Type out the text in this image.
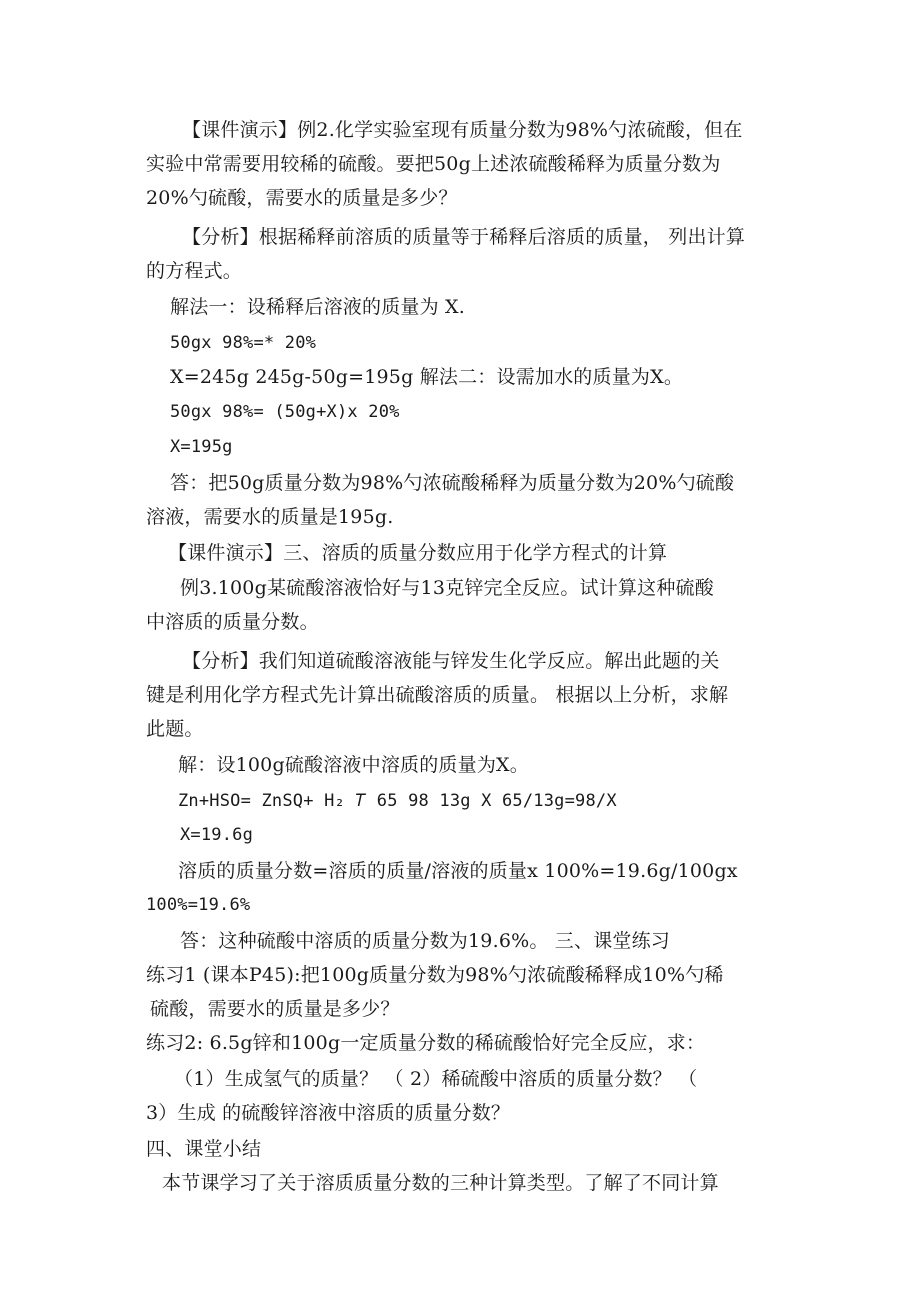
【课件演示】例2.化学实验室现有质量分数为98%勺浓硫酸，但在
实验中常需要用较稀的硫酸。要把50g上述浓硫酸稀释为质量分数为
20%勺硫酸，需要水的质量是多少？
【分析】根据稀释前溶质的质量等于稀释后溶质的质量， 列出计算
的方程式。
解法一：设稀释后溶液的质量为 X.
50gx 98%=* 20%
X=245g 245g-50g=195g 解法二：设需加水的质量为X。
50gx 98%= (50g+X)x 20%
X=195g
答：把50g质量分数为98%勺浓硫酸稀释为质量分数为20%勺硫酸
溶液，需要水的质量是195g.
【课件演示】三、溶质的质量分数应用于化学方程式的计算
例3.100g某硫酸溶液恰好与13克锌完全反应。试计算这种硫酸
中溶质的质量分数。
【分析】我们知道硫酸溶液能与锌发生化学反应。解出此题的关
键是利用化学方程式先计算出硫酸溶质的质量。 根据以上分析，求解
此题。
解：设100g硫酸溶液中溶质的质量为X。
Zn+HSO= ZnSQ+ H₂ 𝑇 65 98 13g X 65/13g=98/X
X=19.6g
溶质的质量分数=溶质的质量/溶液的质量x 100%=19.6g/100gx
100%=19.6%
答：这种硫酸中溶质的质量分数为19.6%。 三、课堂练习
练习1 (课本P45):把100g质量分数为98%勺浓硫酸稀释成10%勺稀
硫酸，需要水的质量是多少？
练习2: 6.5g锌和100g一定质量分数的稀硫酸恰好完全反应，求：
（1）生成氢气的质量？ （ 2）稀硫酸中溶质的质量分数？ （
3）生成 的硫酸锌溶液中溶质的质量分数？
四、课堂小结
本节课学习了关于溶质质量分数的三种计算类型。了解了不同计算
